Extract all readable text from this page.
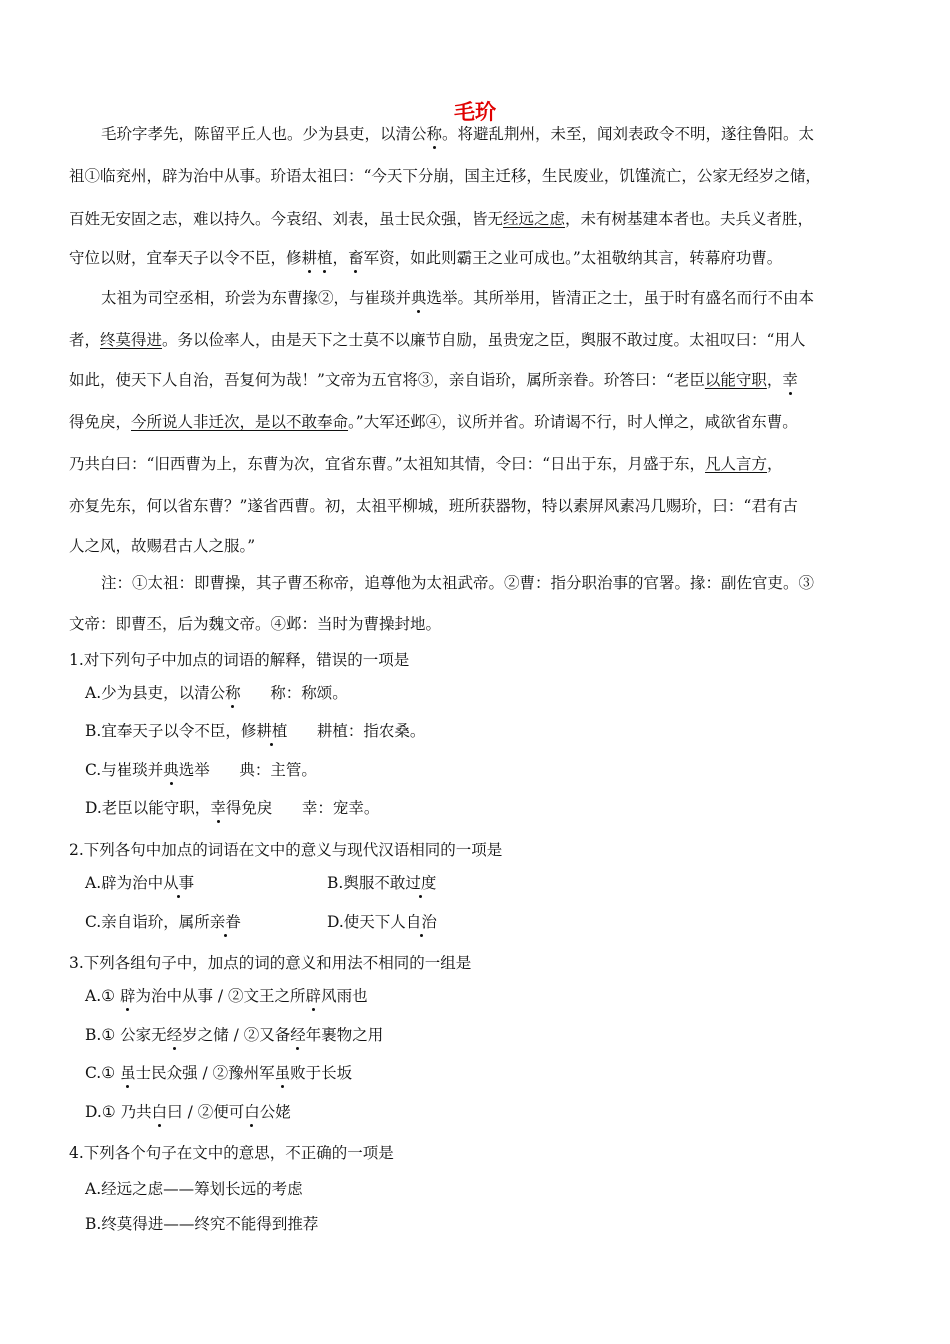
毛玠
毛玠字孝先，陈留平丘人也。少为县吏，以清公称。将避乱荆州，未至，闻刘表政令不明，遂往鲁阳。太
祖①临兖州，辟为治中从事。玠语太祖曰：“今天下分崩，国主迁移，生民废业，饥馑流亡，公家无经岁之储，
百姓无安固之志，难以持久。今袁绍、刘表，虽士民众强，皆无经远之虑，未有树基建本者也。夫兵义者胜，
守位以财，宜奉天子以令不臣，修耕植，畜军资，如此则霸王之业可成也。”太祖敬纳其言，转幕府功曹。
太祖为司空丞相，玠尝为东曹掾②，与崔琰并典选举。其所举用，皆清正之士，虽于时有盛名而行不由本
者，终莫得进。务以俭率人，由是天下之士莫不以廉节自励，虽贵宠之臣，舆服不敢过度。太祖叹曰：“用人
如此，使天下人自治，吾复何为哉！”文帝为五官将③，亲自诣玠，属所亲眷。玠答曰：“老臣以能守职，幸
得免戾，今所说人非迁次，是以不敢奉命。”大军还邺④，议所并省。玠请谒不行，时人惮之，咸欲省东曹。
乃共白曰：“旧西曹为上，东曹为次，宜省东曹。”太祖知其情，令曰：“日出于东，月盛于东，凡人言方，
亦复先东，何以省东曹？”遂省西曹。初，太祖平柳城，班所获器物，特以素屏风素冯几赐玠，曰：“君有古
人之风，故赐君古人之服。”
注：①太祖：即曹操，其子曹丕称帝，追尊他为太祖武帝。②曹：指分职治事的官署。掾：副佐官吏。③
文帝：即曹丕，后为魏文帝。④邺：当时为曹操封地。
1.对下列句子中加点的词语的解释，错误的一项是
A.少为县吏，以清公称      称：称颂。
B.宜奉天子以令不臣，修耕植      耕植：指农桑。
C.与崔琰并典选举      典：主管。
D.老臣以能守职，幸得免戾      幸：宠幸。
2.下列各句中加点的词语在文中的意义与现代汉语相同的一项是
A.辟为治中从事	B.舆服不敢过度
C.亲自诣玠，属所亲眷	D.使天下人自治
3.下列各组句子中，加点的词的意义和用法不相同的一组是
A.① 辟为治中从事 / ②文王之所辟风雨也
B.① 公家无经岁之储 / ②又备经年裹物之用
C.① 虽士民众强 / ②豫州军虽败于长坂
D.① 乃共白曰 / ②便可白公姥
4.下列各个句子在文中的意思，不正确的一项是
A.经远之虑——筹划长远的考虑
B.终莫得进——终究不能得到推荐
